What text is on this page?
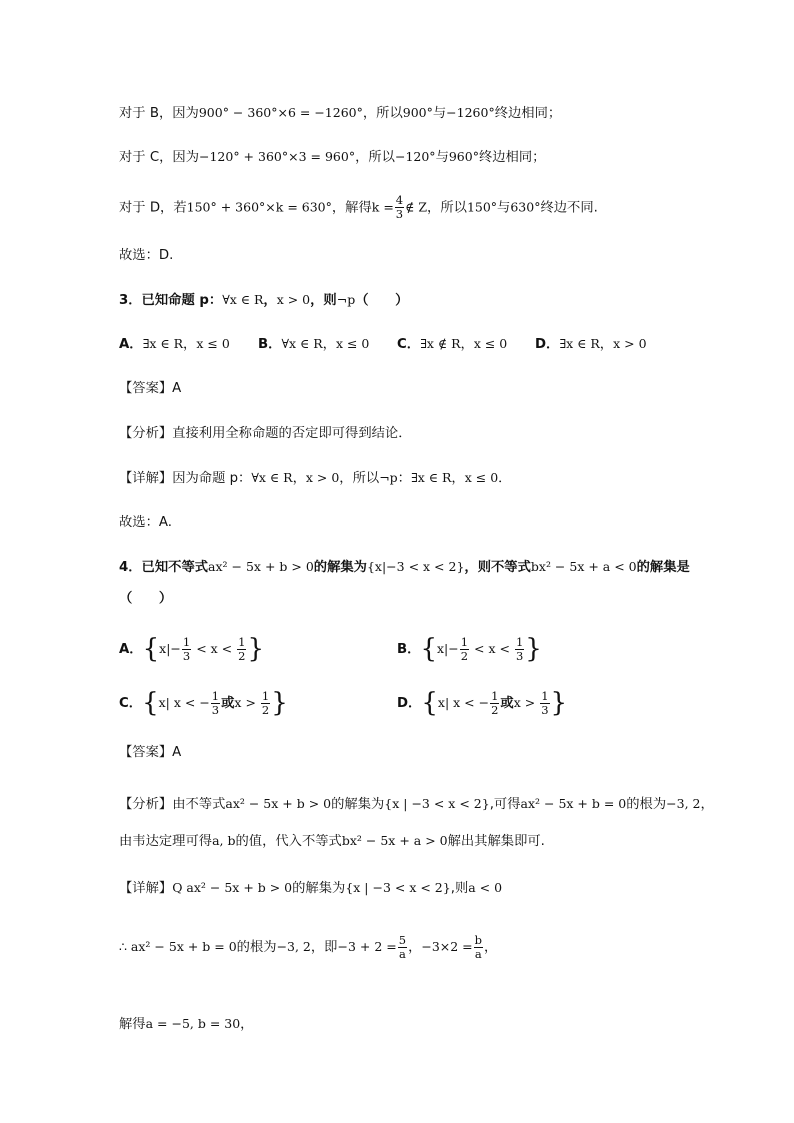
对于 B，因为900° − 360°×6 = −1260°，所以900°与−1260°终边相同；
对于 C，因为−120° + 360°×3 = 960°，所以−120°与960°终边相同；
对于 D，若150° + 360°×k = 630°，解得$k = \frac{4}{3}$ ∉ Z，所以150°与630°终边不同.
故选：D.
3．已知命题 p：∀x ∈ R，x > 0，则¬p（　　）
A．∃x ∈ R，x ≤ 0 B．∀x ∈ R，x ≤ 0 C．∃x ∉ R，x ≤ 0 D．∃x ∈ R，x > 0
【答案】A
【分析】直接利用全称命题的否定即可得到结论．
【详解】因为命题 p：∀x ∈ R，x > 0，所以¬p：∃x ∈ R，x ≤ 0．
故选：A.
4．已知不等式ax² − 5x + b > 0的解集为{x|−3 < x < 2}，则不等式bx² − 5x + a < 0的解集是
（　　）
A．{$x|- \frac{1}{3} < x < \frac{1}{2}$ }	B．{$x|- \frac{1}{2} < x < \frac{1}{3}$ }
C．{x| x < − $\frac{1}{3}$ 或$x > \frac{1}{2}$ }	D．{x| x < − $\frac{1}{2}$ 或$x > \frac{1}{3}$ }
【答案】A
【分析】由不等式ax² − 5x + b > 0的解集为{x | −3 < x < 2},可得ax² − 5x + b = 0的根为−3, 2，
由韦达定理可得a, b的值，代入不等式bx² − 5x + a > 0解出其解集即可.
【详解】Q ax² − 5x + b > 0的解集为{x | −3 < x < 2},则a < 0
∴ ax² − 5x + b = 0的根为−3, 2，即$-3 + 2 = \frac{5}{a}$ ，$-3\times 2 = \frac{b}{a}$ ，
解得a = −5, b = 30，
